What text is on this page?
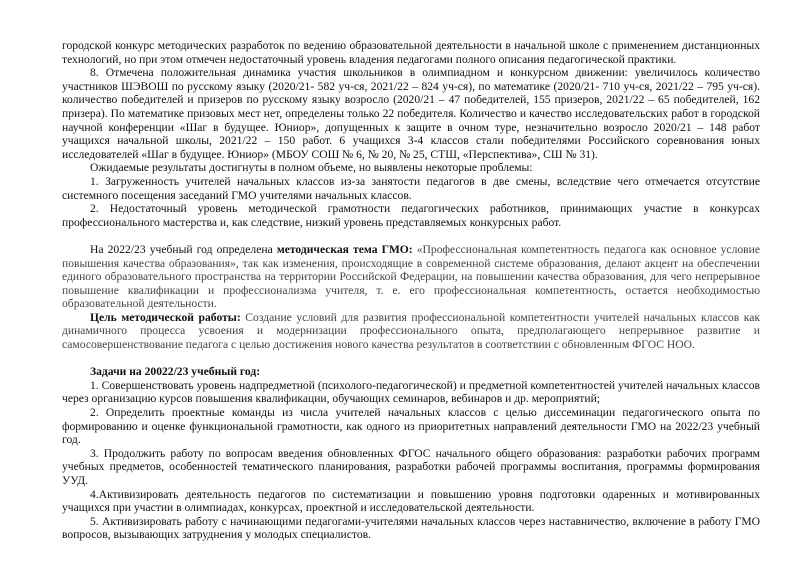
городской конкурс методических разработок по ведению образовательной деятельности в начальной школе с применением дистанционных технологий, но при этом отмечен недостаточный уровень владения педагогами полного описания педагогической практики.

8. Отмечена положительная динамика участия школьников в олимпиадном и конкурсном движении: увеличилось количество участников ШЭВОШ по русскому языку (2020/21- 582 уч-ся, 2021/22 – 824 уч-ся), по математике (2020/21- 710 уч-ся, 2021/22 – 795 уч-ся). количество победителей и призеров по русскому языку возросло (2020/21 – 47 победителей, 155 призеров, 2021/22 – 65 победителей, 162 призера). По математике призовых мест нет, определены только 22 победителя. Количество и качество исследовательских работ в городской научной конференции «Шаг в будущее. Юниор», допущенных к защите в очном туре, незначительно возросло 2020/21 – 148 работ учащихся начальной школы, 2021/22 – 150 работ. 6 учащихся 3-4 классов стали победителями Российского соревнования юных исследователей «Шаг в будущее. Юниор» (МБОУ СОШ № 6, № 20, № 25, СТШ, «Перспектива», СШ № 31).

Ожидаемые результаты достигнуты в полном объеме, но выявлены некоторые проблемы:

1. Загруженность учителей начальных классов из-за занятости педагогов в две смены, вследствие чего отмечается отсутствие системного посещения заседаний ГМО учителями начальных классов.

2. Недостаточный уровень методической грамотности педагогических работников, принимающих участие в конкурсах профессионального мастерства и, как следствие, низкий уровень представляемых конкурсных работ.

На 2022/23 учебный год определена методическая тема ГМО: «Профессиональная компетентность педагога как основное условие повышения качества образования», так как изменения, происходящие в современной системе образования, делают акцент на обеспечении единого образовательного пространства на территории Российской Федерации, на повышении качества образования, для чего непрерывное повышение квалификации и профессионализма учителя, т. е. его профессиональная компетентность, остается необходимостью образовательной деятельности.

Цель методической работы: Создание условий для развития профессиональной компетентности учителей начальных классов как динамичного процесса усвоения и модернизации профессионального опыта, предполагающего непрерывное развитие и самосовершенствование педагога с целью достижения нового качества результатов в соответствии с обновленным ФГОС НОО.

Задачи на 20022/23 учебный год:

1. Совершенствовать уровень надпредметной (психолого-педагогической) и предметной компетентностей учителей начальных классов через организацию курсов повышения квалификации, обучающих семинаров, вебинаров и др. мероприятий;

2. Определить проектные команды из числа учителей начальных классов с целью диссеминации педагогического опыта по формированию и оценке функциональной грамотности, как одного из приоритетных направлений деятельности ГМО на 2022/23 учебный год.

3. Продолжить работу по вопросам введения обновленных ФГОС начального общего образования: разработки рабочих программ учебных предметов, особенностей тематического планирования, разработки рабочей программы воспитания, программы формирования УУД.

4.Активизировать деятельность педагогов по систематизации и повышению уровня подготовки одаренных и мотивированных учащихся при участии в олимпиадах, конкурсах, проектной и исследовательской деятельности.

5. Активизировать работу с начинающими педагогами-учителями начальных классов через наставничество, включение в работу ГМО вопросов, вызывающих затруднения у молодых специалистов.
